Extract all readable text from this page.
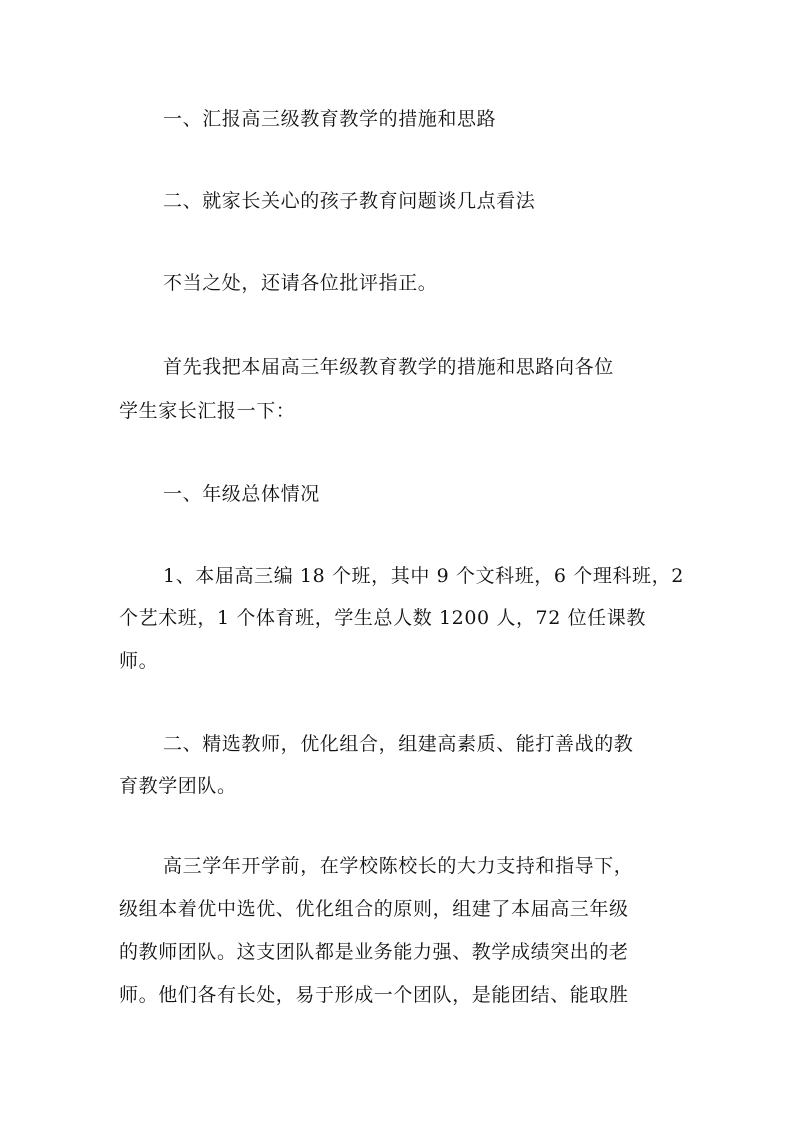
一、汇报高三级教育教学的措施和思路
二、就家长关心的孩子教育问题谈几点看法
不当之处，还请各位批评指正。
首先我把本届高三年级教育教学的措施和思路向各位
学生家长汇报一下：
一、年级总体情况
1、本届高三编 18 个班，其中 9 个文科班，6 个理科班，2
个艺术班，1 个体育班，学生总人数 1200 人，72 位任课教
师。
二、精选教师，优化组合，组建高素质、能打善战的教
育教学团队。
高三学年开学前，在学校陈校长的大力支持和指导下，
级组本着优中选优、优化组合的原则，组建了本届高三年级
的教师团队。这支团队都是业务能力强、教学成绩突出的老
师。他们各有长处，易于形成一个团队，是能团结、能取胜
